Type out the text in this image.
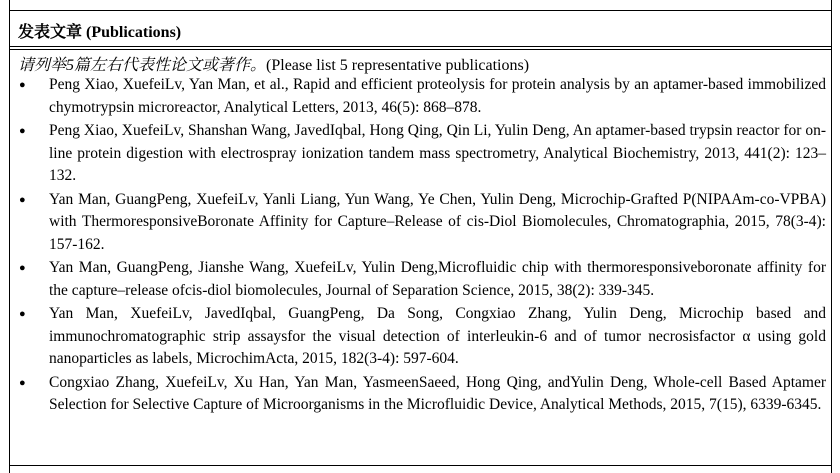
发表文章 (Publications)
请列举5篇左右代表性论文或著作。(Please list 5 representative publications)
●	Peng Xiao, XuefeiLv, Yan Man, et al., Rapid and efficient proteolysis for protein analysis by an aptamer-based immobilized chymotrypsin microreactor, Analytical Letters, 2013, 46(5): 868–878.
●	Peng Xiao, XuefeiLv, Shanshan Wang, JavedIqbal, Hong Qing, Qin Li, Yulin Deng, An aptamer-based trypsin reactor for on-line protein digestion with electrospray ionization tandem mass spectrometry, Analytical Biochemistry, 2013, 441(2): 123–132.
●	Yan Man, GuangPeng, XuefeiLv, Yanli Liang, Yun Wang, Ye Chen, Yulin Deng, Microchip‑Grafted P(NIPAAm‑co‑VPBA) with ThermoresponsiveBoronate Affinity for Capture–Release of cis‑Diol Biomolecules, Chromatographia, 2015, 78(3-4): 157-162.
●	Yan Man, GuangPeng, Jianshe Wang, XuefeiLv, Yulin Deng,Microfluidic chip with thermoresponsiveboronate affinity for the capture–release ofcis-diol biomolecules, Journal of Separation Science, 2015, 38(2): 339-345.
●	Yan Man, XuefeiLv, JavedIqbal, GuangPeng, Da Song, Congxiao Zhang, Yulin Deng, Microchip based and immunochromatographic strip assaysfor the visual detection of interleukin-6 and of tumor necrosisfactor α using gold nanoparticles as labels, MicrochimActa, 2015, 182(3-4): 597-604.
●	Congxiao Zhang, XuefeiLv, Xu Han, Yan Man, YasmeenSaeed, Hong Qing, andYulin Deng, Whole-cell Based Aptamer Selection for Selective Capture of Microorganisms in the Microfluidic Device, Analytical Methods, 2015, 7(15), 6339-6345.
